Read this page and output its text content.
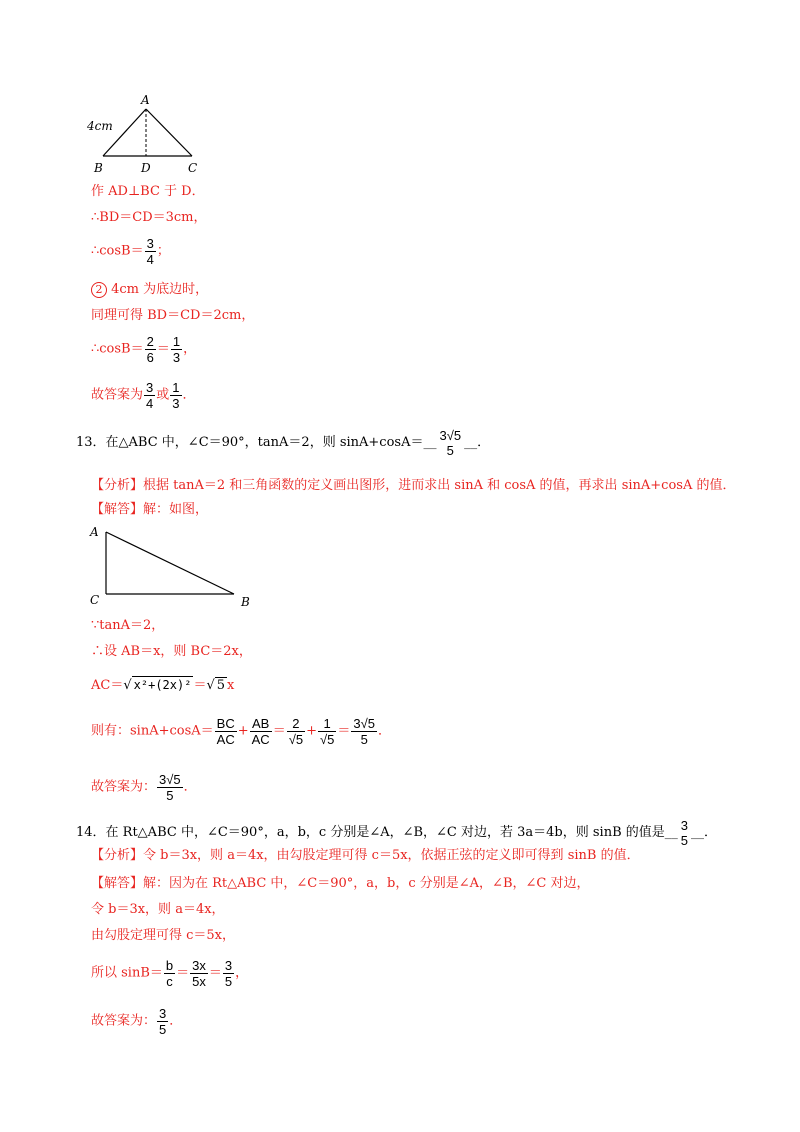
A
B	D	C
4cm
作 AD⊥BC 于 D．
∴BD＝CD＝3cm，
∴cosB＝ $\frac{3}{4}$ ；
2 4cm 为底边时，
同理可得 BD＝CD＝2cm，
∴cosB＝ $\frac{2}{6} = \frac{1}{3}$ ，
故答案为 $\frac{3}{4}$ 或 $\frac{1}{3}$ ．
13．在△ABC 中，∠C＝90°，tanA＝2，则 sinA+cosA＝__ 3√5
5
__．
【分析】根据 tanA＝2 和三角函数的定义画出图形，进而求出 sinA 和 cosA 的值，再求出 sinA+cosA 的值．
【解答】解：如图，
A
C	B
∵tanA＝2，
∴设 AB＝x，则 BC＝2x，
AC＝√ x²+(2x)² ＝√ 5 x
则有：$\sin A+\cos A= \frac{BC}{AC} + \frac{AB}{AC} = \frac{2}{√5} + \frac{1}{√5} = \frac{3√5}{5}$ ．
故答案为： $\frac{3√5}{5}$ ．
14．在 Rt△ABC 中，∠C＝90°，a，b，c 分别是∠A，∠B，∠C 对边，若 3a＝4b，则 sinB 的值是__ 3
5
__．
【分析】令 b＝3x，则 a＝4x，由勾股定理可得 c＝5x，依据正弦的定义即可得到 sinB 的值．
【解答】解：因为在 Rt△ABC 中，∠C＝90°，a，b，c 分别是∠A，∠B，∠C 对边，
令 b＝3x，则 a＝4x，
由勾股定理可得 c＝5x，
所以 $\sin B= \frac{b}{c} = \frac{3x}{5x} = \frac{3}{5}$ ，
故答案为： $\frac{3}{5}$ ．
